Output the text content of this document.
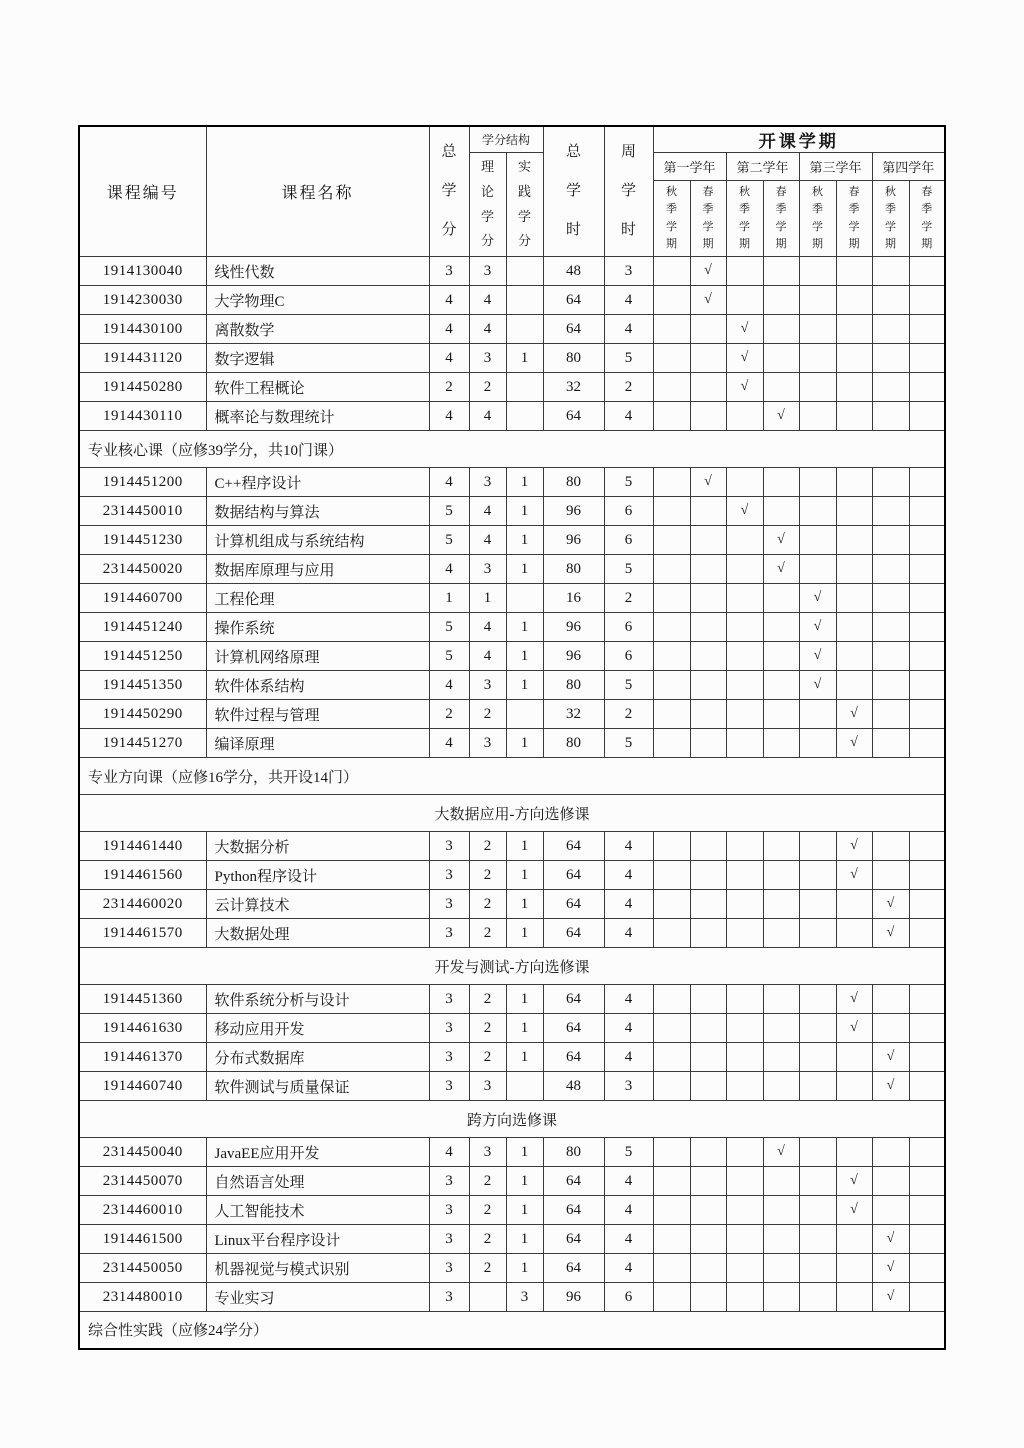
课程编号	课程名称	总学分	学分结构		总学时	周学时	开课学期							

			理论学分	实践学分			第一学年		第二学年		第三学年		第四学年	

							秋季学期	春季学期	秋季学期	春季学期	秋季学期	春季学期	秋季学期	春季学期

1914130040	线性代数	3	3		48	3		√						
1914230030	大学物理C	4	4		64	4		√						
1914430100	离散数学	4	4		64	4			√					
1914431120	数字逻辑	4	3	1	80	5			√					
1914450280	软件工程概论	2	2		32	2			√					
1914430110	概率论与数理统计	4	4		64	4				√				
专业核心课（应修39学分，共10门课）														
1914451200	C++程序设计	4	3	1	80	5		√						
2314450010	数据结构与算法	5	4	1	96	6			√					
1914451230	计算机组成与系统结构	5	4	1	96	6				√				
2314450020	数据库原理与应用	4	3	1	80	5				√				
1914460700	工程伦理	1	1		16	2					√			
1914451240	操作系统	5	4	1	96	6					√			
1914451250	计算机网络原理	5	4	1	96	6					√			
1914451350	软件体系结构	4	3	1	80	5					√			
1914450290	软件过程与管理	2	2		32	2						√		
1914451270	编译原理	4	3	1	80	5						√		
专业方向课（应修16学分，共开设14门）														
大数据应用-方向选修课														
1914461440	大数据分析	3	2	1	64	4						√		
1914461560	Python程序设计	3	2	1	64	4						√		
2314460020	云计算技术	3	2	1	64	4							√	
1914461570	大数据处理	3	2	1	64	4							√	
开发与测试-方向选修课														
1914451360	软件系统分析与设计	3	2	1	64	4						√		
1914461630	移动应用开发	3	2	1	64	4						√		
1914461370	分布式数据库	3	2	1	64	4							√	
1914460740	软件测试与质量保证	3	3		48	3							√	
跨方向选修课														
2314450040	JavaEE应用开发	4	3	1	80	5				√				
2314450070	自然语言处理	3	2	1	64	4						√		
2314460010	人工智能技术	3	2	1	64	4						√		
1914461500	Linux平台程序设计	3	2	1	64	4							√	
2314450050	机器视觉与模式识别	3	2	1	64	4							√	
2314480010	专业实习	3		3	96	6							√	
综合性实践（应修24学分）														
